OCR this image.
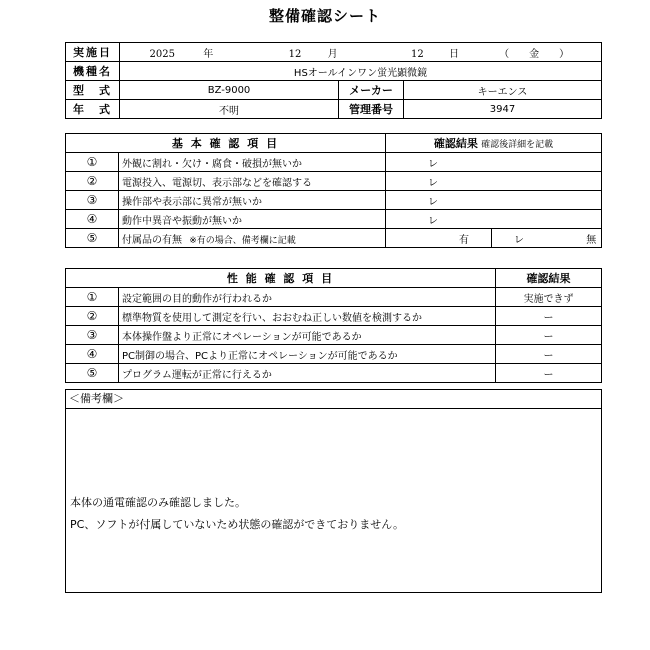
整備確認シート
実施日	2025 年 12 月 12 日 （　　金　　）		
機種名	HSオールインワン蛍光顕微鏡		
型　式	BZ-9000	メーカー	キーエンス
年　式	不明	管理番号	3947
基 本 確 認 項 目		確認結果 確認後詳細を記載	
①	外観に割れ・欠け・腐食・破損が無いか	レ	
②	電源投入、電源切、表示部などを確認する	レ	
③	操作部や表示部に異常が無いか	レ	
④	動作中異音や振動が無いか	レ	
⑤	付属品の有無 ※有の場合、備考欄に記載	有	レ 無
性 能 確 認 項 目		確認結果
①	設定範囲の目的動作が行われるか	実施できず
②	標準物質を使用して測定を行い、おおむね正しい数値を検測するか	ー
③	本体操作盤より正常にオペレーションが可能であるか	ー
④	PC制御の場合、PCより正常にオペレーションが可能であるか	ー
⑤	プログラム運転が正常に行えるか	ー
＜備考欄＞
本体の通電確認のみ確認しました。
PC、ソフトが付属していないため状態の確認ができておりません。
